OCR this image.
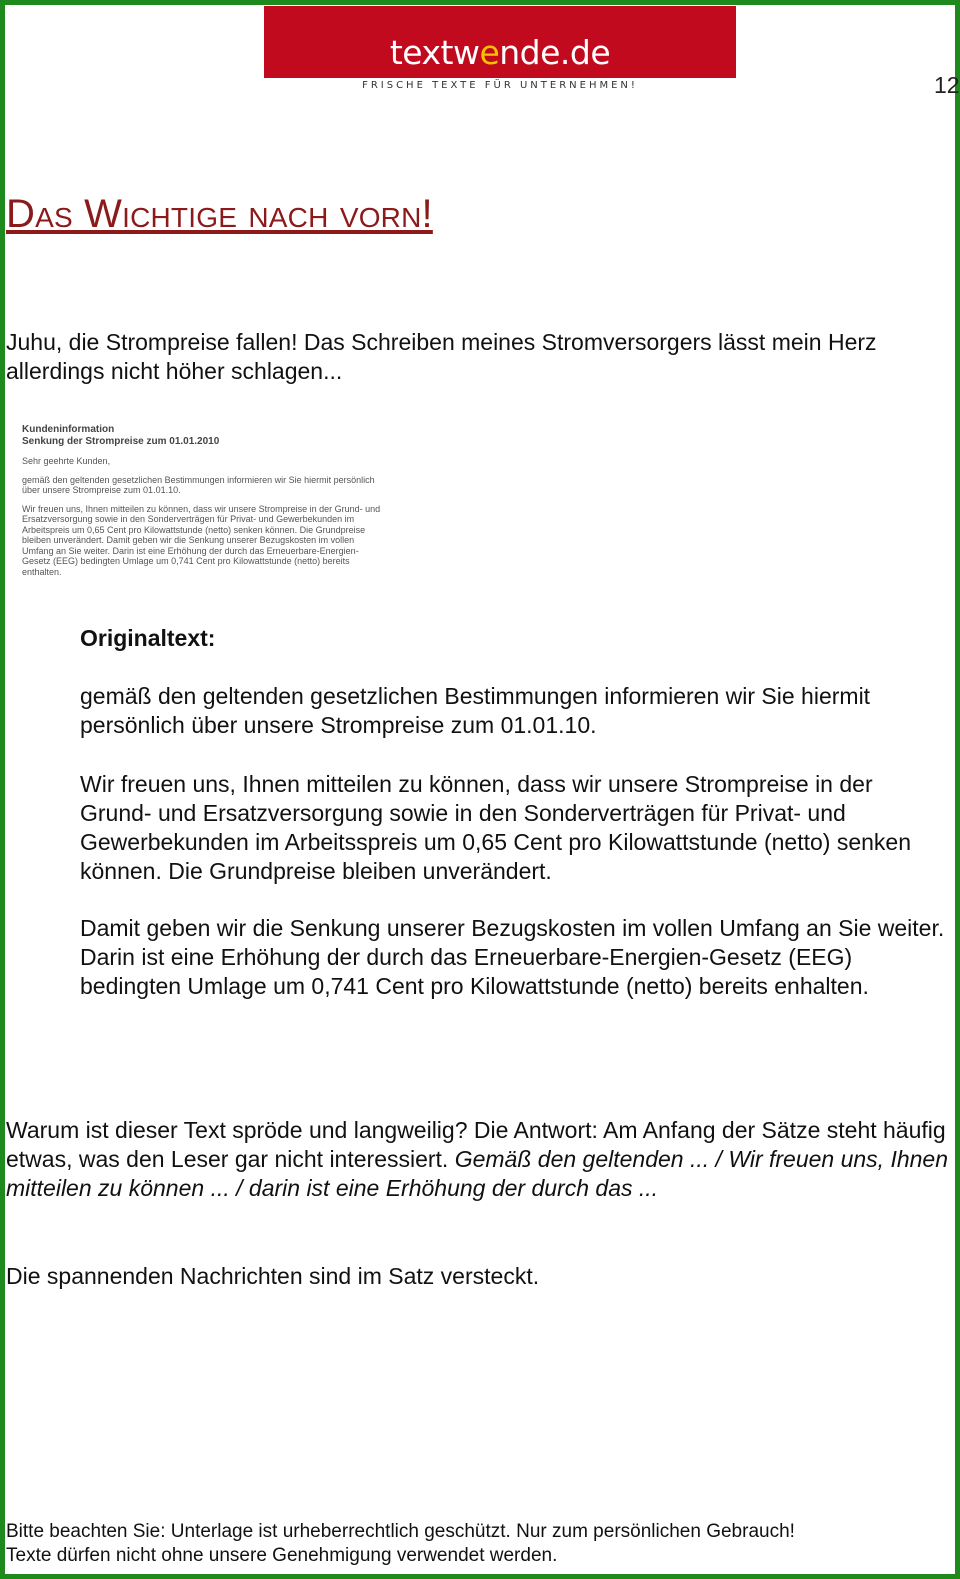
textw e nde.de
FRISCHE TEXTE FÜR UNTERNEHMEN!	12
Das Wichtige nach vorn!

Juhu, die Strompreise fallen! Das Schreiben meines Stromversorgers lässt mein Herz allerdings nicht höher schlagen...

Kundeninformation
Senkung der Strompreise zum 01.01.2010
Sehr geehrte Kunden,
gemäß den geltenden gesetzlichen Bestimmungen informieren wir Sie hiermit persönlich über unsere Strompreise zum 01.01.10.
Wir freuen uns, Ihnen mitteilen zu können, dass wir unsere Strompreise in der Grund- und Ersatzversorgung sowie in den Sonderverträgen für Privat- und Gewerbekunden im Arbeitspreis um 0,65 Cent pro Kilowattstunde (netto) senken können. Die Grundpreise bleiben unverändert. Damit geben wir die Senkung unserer Bezugskosten im vollen Umfang an Sie weiter. Darin ist eine Erhöhung der durch das Erneuerbare-Energien-Gesetz (EEG) bedingten Umlage um 0,741 Cent pro Kilowattstunde (netto) bereits enthalten.

Originaltext:

gemäß den geltenden gesetzlichen Bestimmungen informieren wir Sie hiermit persönlich über unsere Strompreise zum 01.01.10.

Wir freuen uns, Ihnen mitteilen zu können, dass wir unsere Strompreise in der Grund- und Ersatzversorgung sowie in den Sonderverträgen für Privat- und Gewerbekunden im Arbeitsspreis um 0,65 Cent pro Kilowattstunde (netto) senken können. Die Grundpreise bleiben unverändert.

Damit geben wir die Senkung unserer Bezugskosten im vollen Umfang an Sie weiter. Darin ist eine Erhöhung der durch das Erneuerbare-Energien-Gesetz (EEG) bedingten Umlage um 0,741 Cent pro Kilowattstunde (netto) bereits enhalten.

Warum ist dieser Text spröde und langweilig? Die Antwort: Am Anfang der Sätze steht häufig etwas, was den Leser gar nicht interessiert. Gemäß den geltenden ... / Wir freuen uns, Ihnen mitteilen zu können ... / darin ist eine Erhöhung der durch das ...

Die spannenden Nachrichten sind im Satz versteckt.

Bitte beachten Sie: Unterlage ist urheberrechtlich geschützt. Nur zum persönlichen Gebrauch!
Texte dürfen nicht ohne unsere Genehmigung verwendet werden.
